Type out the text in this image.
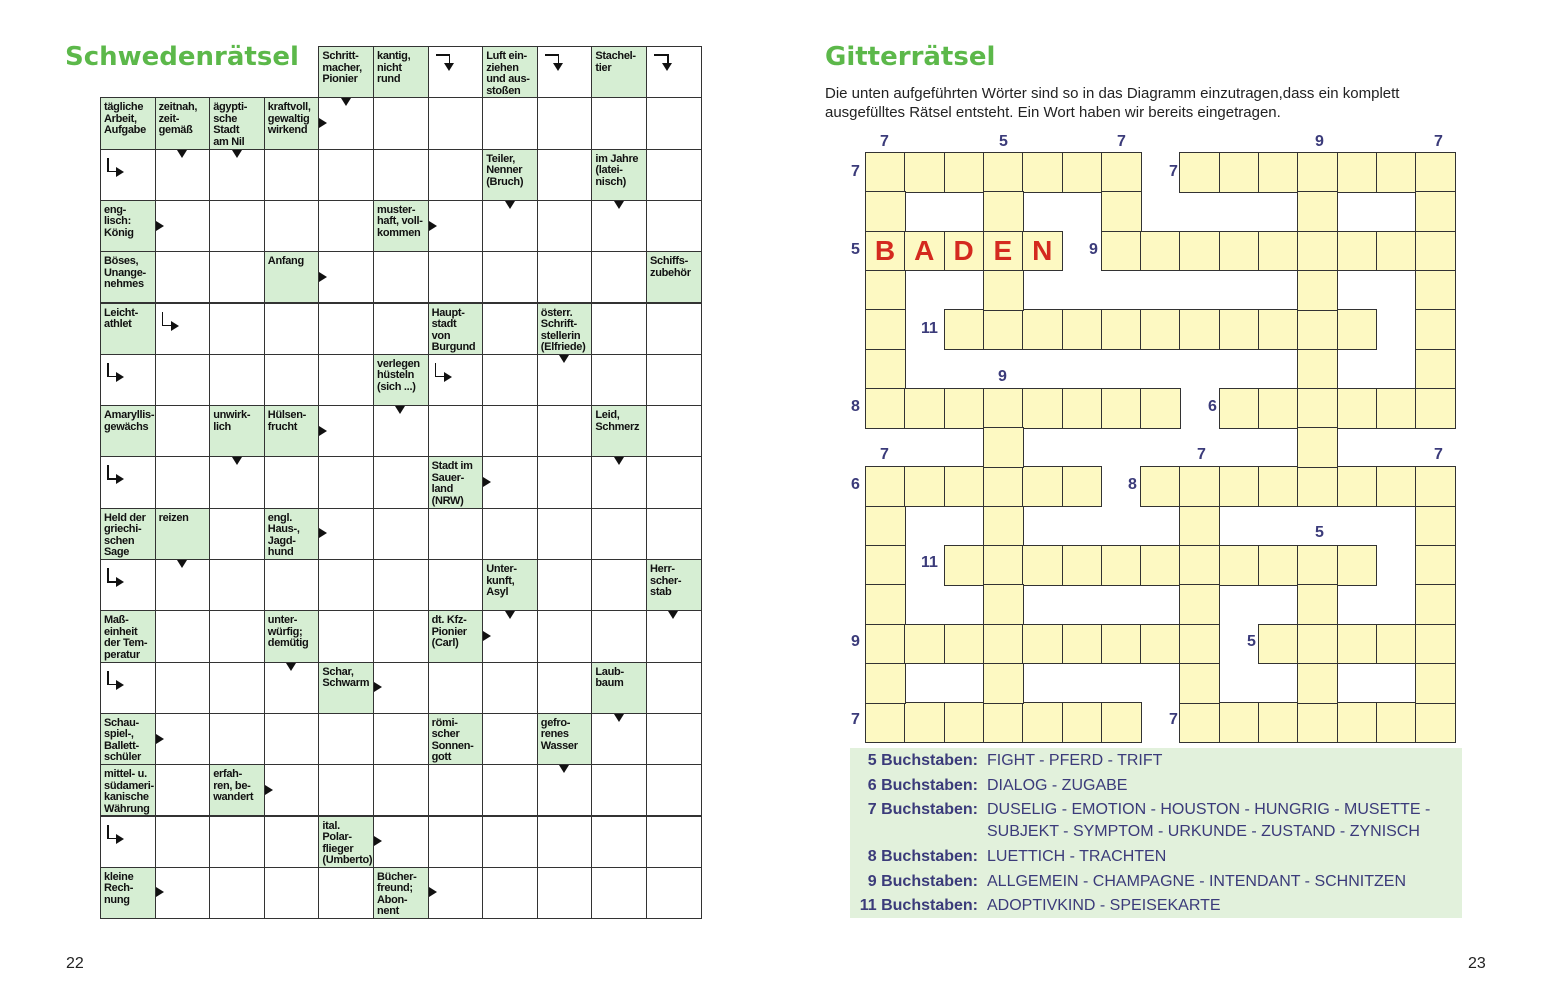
Schwedenrätsel
22
Schritt-
macher,
Pionier
kantig,
nicht
rund
Luft ein-
ziehen
und aus-
stoßen
Stachel-
tier
tägliche
Arbeit,
Aufgabe
zeitnah,
zeit-
gemäß
ägypti-
sche
Stadt
am Nil
kraftvoll,
gewaltig
wirkend
Teiler,
Nenner
(Bruch)
im Jahre
(latei-
nisch)
eng-
lisch:
König
muster-
haft, voll-
kommen
Böses,
Unange-
nehmes
Anfang	Schiffs-
zubehör
Leicht-
athlet
Haupt-
stadt
von
Burgund
österr.
Schrift-
stellerin
(Elfriede)
verlegen
hüsteln
(sich ...)
Amaryllis-
gewächs
unwirk-
lich
Hülsen-
frucht
Leid,
Schmerz
Stadt im
Sauer-
land
(NRW)
Held der
griechi-
schen
Sage
reizen	engl.
Haus-,
Jagd-
hund
Unter-
kunft,
Asyl
Herr-
scher-
stab
Maß-
einheit
der Tem-
peratur
unter-
würfig;
demütig
dt. Kfz-
Pionier
(Carl)
Schar,
Schwarm
Laub-
baum
Schau-
spiel-,
Ballett-
schüler
römi-
scher
Sonnen-
gott
gefro-
renes
Wasser
mittel- u.
südameri-
kanische
Währung
erfah-
ren, be-
wandert
ital.
Polar-
flieger
(Umberto)
kleine
Rech-
nung
Bücher-
freund;
Abon-
nent
Gitterrätsel
Die unten aufgeführten Wörter sind so in das Diagramm einzutragen,dass ein komplett ausgefülltes Rätsel entsteht. Ein Wort haben wir bereits eingetragen.
23
B A D E N
7	5	7	9	7
7	7
5	9
11
9
8	6
7	7	7
6	8
5
11
9	5
7	7
5 Buchstaben: FIGHT - PFERD - TRIFT
6 Buchstaben: DIALOG - ZUGABE
7 Buchstaben: DUSELIG - EMOTION - HOUSTON - HUNGRIG - MUSETTE -
SUBJEKT - SYMPTOM - URKUNDE - ZUSTAND - ZYNISCH
8 Buchstaben: LUETTICH - TRACHTEN
9 Buchstaben: ALLGEMEIN - CHAMPAGNE - INTENDANT - SCHNITZEN
11 Buchstaben: ADOPTIVKIND - SPEISEKARTE
